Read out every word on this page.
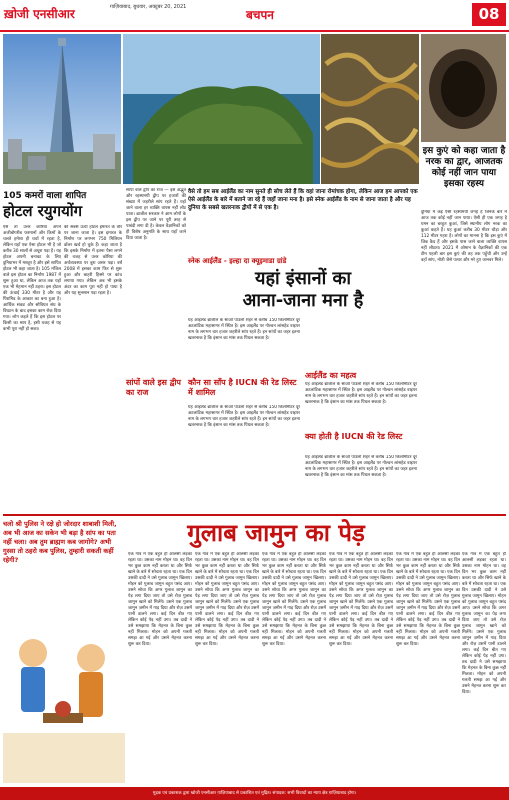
ख़ोजी एनसीआर	ग़ाज़ियाबाद, बुधवार, अक्टूबर 20, 2021
बचपन	08
105 कमरों वाला शापित
होटल रयुगयोंग
ऐसे तो उत्तर कोरिया अपने अजीबोगरीब फरमानों और किमों के चलते हमेशा ही चर्चा में रहता है, लेकिन यहाँ एक ऐसा होटल भी है जो करीब 30 सालों से अधूरा पड़ा है। यह होटल अपनी बनावट के लिए दुनियाभर में मशहूर है और इसे शापित होटल भी कहा जाता है। 105 मंजिल वाले इस होटल का निर्माण 1987 में शुरू हुआ था, लेकिन आज तक यहाँ एक भी मेहमान नहीं ठहरा। इस होटल की ऊंचाई 330 मीटर है और यह पिरामिड के आकार का बना हुआ है। आर्थिक संकट और सोवियत संघ के विघटन के बाद इसका काम रोक दिया गया। लोग कहते हैं कि इस होटल पर किसी का श्राप है, इसी वजह से यह कभी पूरा नहीं हो सका।
की सबसे ऊंची होटल इमारत के तौर पर जाना जाता है। इस इमारत के निर्माण पर लगभग 750 मिलियन डॉलर खर्च हो चुके हैं। कहा जाता है कि इसके निर्माण में इतना पैसा लगने की वजह से उत्तर कोरिया की अर्थव्यवस्था पर बुरा असर पड़ा। वर्ष 2008 में इसका काम फिर से शुरू हुआ और बाहरी हिस्से पर कांच लगाया गया। लेकिन अब भी इसके अंदर का काम पूरा नहीं हो पाया है और यह सुनसान पड़ा रहता है।
सांपों वाले द्वीप का राज — इस अद्भुत और रहस्यमयी द्वीप पर हजारों की संख्या में जहरीले सांप रहते हैं। यहाँ जाने वाला हर व्यक्ति वापस नहीं लौट पाता। ब्राजील सरकार ने आम लोगों के इस द्वीप पर जाने पर पूरी तरह से पाबंदी लगा दी है। केवल वैज्ञानिकों को ही विशेष अनुमति के साथ यहाँ जाने दिया जाता है।
सांपों वाले इस द्वीप का राज
वैसे तो हम सब आईलैंड का नाम सुनते ही सोच लेते हैं कि वहां जाना रोमांचक होगा, लेकिन आज हम आपको एक ऐसे आईलैंड के बारे में बताने जा रहे हैं जहाँ जाना मना है। इसे स्नेक आईलैंड के नाम से जाना जाता है और यह दुनिया के सबसे खतरनाक द्वीपों में से एक है।
स्नेक आईलैंड - इल्हा दा क्यूइमाडा ग्रांडे
यहां इंसानों का
आना-जाना मना है
यह आइलैंड ब्राजील के साओ पाउलो शहर से करीब 150 किलोमीटर दूर अटलांटिक महासागर में स्थित है। इस आइलैंड पर गोल्डन लांसहेड वाइपर नाम के लगभग चार हजार जहरीले सांप रहते हैं। इन सांपों का जहर इतना खतरनाक है कि इंसान का मांस तक पिघल सकता है।
कौन सा साँप है IUCN की रेड लिस्ट में शामिल
यह आइलैंड ब्राजील के साओ पाउलो शहर से करीब 150 किलोमीटर दूर अटलांटिक महासागर में स्थित है। इस आइलैंड पर गोल्डन लांसहेड वाइपर नाम के लगभग चार हजार जहरीले सांप रहते हैं। इन सांपों का जहर इतना खतरनाक है कि इंसान का मांस तक पिघल सकता है।
आईलैंड का महत्व
यह आइलैंड ब्राजील के साओ पाउलो शहर से करीब 150 किलोमीटर दूर अटलांटिक महासागर में स्थित है। इस आइलैंड पर गोल्डन लांसहेड वाइपर नाम के लगभग चार हजार जहरीले सांप रहते हैं। इन सांपों का जहर इतना खतरनाक है कि इंसान का मांस तक पिघल सकता है।
क्या होती है IUCN की रेड लिस्ट
यह आइलैंड ब्राजील के साओ पाउलो शहर से करीब 150 किलोमीटर दूर अटलांटिक महासागर में स्थित है। इस आइलैंड पर गोल्डन लांसहेड वाइपर नाम के लगभग चार हजार जहरीले सांप रहते हैं। इन सांपों का जहर इतना खतरनाक है कि इंसान का मांस तक पिघल सकता है।
इस कुएं को कहा जाता है नरक का द्वार, आजतक कोई नहीं जान पाया इसका रहस्य
दुनिया में कई ऐसी रहस्यमयी जगहें हैं जिनके बारे में आज तक कोई नहीं जान पाया। ऐसी ही एक जगह है यमन का बरहूत कुआं, जिसे स्थानीय लोग नरक का कुआं कहते हैं। यह कुआं करीब 30 मीटर चौड़ा और 112 मीटर गहरा है। लोगों का मानना है कि इस कुएं में जिन्न कैद हैं और इसके पास जाने वाला व्यक्ति वापस नहीं लौटता। 2021 में ओमान के वैज्ञानिकों की एक टीम पहली बार इस कुएं की तह तक पहुँची और उन्हें वहाँ सांप, मोती जैसे पत्थर और मरे हुए जानवर मिले।
चलो श्री पुलिस ने रक्षे हो जोरदार शाबाशी मिली, अब भी आज का सकेन भी बड़ा है सांप का पता नहीं चला। अब तुम ब्राह्मण कब जागोगे? अभी गुस्सा तो ठहरो कब पुलिस, तुम्हारी सकती कहीं रहेगी?
गुलाब जामुन का पेड़
एक गांव में एक बहुत ही आलसी लड़का रहता था। उसका नाम मोहन था। वह दिन भर कुछ काम नहीं करता था और सिर्फ खाने के बारे में सोचता रहता था। एक दिन उसकी दादी ने उसे गुलाब जामुन खिलाए। मोहन को गुलाब जामुन बहुत पसंद आए। उसने सोचा कि अगर गुलाब जामुन का पेड़ लगा दिया जाए तो उसे रोज़ गुलाब जामुन खाने को मिलेंगे। उसने एक गुलाब जामुन ज़मीन में गाड़ दिया और रोज़ उसमें पानी डालने लगा। कई दिन बीत गए लेकिन कोई पेड़ नहीं उगा। तब दादी ने उसे समझाया कि मेहनत के बिना कुछ नहीं मिलता। मोहन को अपनी गलती समझ आ गई और उसने मेहनत करना शुरू कर दिया।
एक गांव में एक बहुत ही आलसी लड़का रहता था। उसका नाम मोहन था। वह दिन भर कुछ काम नहीं करता था और सिर्फ खाने के बारे में सोचता रहता था। एक दिन उसकी दादी ने उसे गुलाब जामुन खिलाए। मोहन को गुलाब जामुन बहुत पसंद आए। उसने सोचा कि अगर गुलाब जामुन का पेड़ लगा दिया जाए तो उसे रोज़ गुलाब जामुन खाने को मिलेंगे। उसने एक गुलाब जामुन ज़मीन में गाड़ दिया और रोज़ उसमें पानी डालने लगा। कई दिन बीत गए लेकिन कोई पेड़ नहीं उगा। तब दादी ने उसे समझाया कि मेहनत के बिना कुछ नहीं मिलता। मोहन को अपनी गलती समझ आ गई और उसने मेहनत करना शुरू कर दिया।
एक गांव में एक बहुत ही आलसी लड़का रहता था। उसका नाम मोहन था। वह दिन भर कुछ काम नहीं करता था और सिर्फ खाने के बारे में सोचता रहता था। एक दिन उसकी दादी ने उसे गुलाब जामुन खिलाए। मोहन को गुलाब जामुन बहुत पसंद आए। उसने सोचा कि अगर गुलाब जामुन का पेड़ लगा दिया जाए तो उसे रोज़ गुलाब जामुन खाने को मिलेंगे। उसने एक गुलाब जामुन ज़मीन में गाड़ दिया और रोज़ उसमें पानी डालने लगा। कई दिन बीत गए लेकिन कोई पेड़ नहीं उगा। तब दादी ने उसे समझाया कि मेहनत के बिना कुछ नहीं मिलता। मोहन को अपनी गलती समझ आ गई और उसने मेहनत करना शुरू कर दिया।
एक गांव में एक बहुत ही आलसी लड़का रहता था। उसका नाम मोहन था। वह दिन भर कुछ काम नहीं करता था और सिर्फ खाने के बारे में सोचता रहता था। एक दिन उसकी दादी ने उसे गुलाब जामुन खिलाए। मोहन को गुलाब जामुन बहुत पसंद आए। उसने सोचा कि अगर गुलाब जामुन का पेड़ लगा दिया जाए तो उसे रोज़ गुलाब जामुन खाने को मिलेंगे। उसने एक गुलाब जामुन ज़मीन में गाड़ दिया और रोज़ उसमें पानी डालने लगा। कई दिन बीत गए लेकिन कोई पेड़ नहीं उगा। तब दादी ने उसे समझाया कि मेहनत के बिना कुछ नहीं मिलता। मोहन को अपनी गलती समझ आ गई और उसने मेहनत करना शुरू कर दिया।
एक गांव में एक बहुत ही आलसी लड़का रहता था। उसका नाम मोहन था। वह दिन भर कुछ काम नहीं करता था और सिर्फ खाने के बारे में सोचता रहता था। एक दिन उसकी दादी ने उसे गुलाब जामुन खिलाए। मोहन को गुलाब जामुन बहुत पसंद आए। उसने सोचा कि अगर गुलाब जामुन का पेड़ लगा दिया जाए तो उसे रोज़ गुलाब जामुन खाने को मिलेंगे। उसने एक गुलाब जामुन ज़मीन में गाड़ दिया और रोज़ उसमें पानी डालने लगा। कई दिन बीत गए लेकिन कोई पेड़ नहीं उगा। तब दादी ने उसे समझाया कि मेहनत के बिना कुछ नहीं मिलता। मोहन को अपनी गलती समझ आ गई और उसने मेहनत करना शुरू कर दिया।
एक गांव में एक बहुत ही आलसी लड़का रहता था। उसका नाम मोहन था। वह दिन भर कुछ काम नहीं करता था और सिर्फ खाने के बारे में सोचता रहता था। एक दिन उसकी दादी ने उसे गुलाब जामुन खिलाए। मोहन को गुलाब जामुन बहुत पसंद आए। उसने सोचा कि अगर गुलाब जामुन का पेड़ लगा दिया जाए तो उसे रोज़ गुलाब जामुन खाने को मिलेंगे। उसने एक गुलाब जामुन ज़मीन में गाड़ दिया और रोज़ उसमें पानी डालने लगा। कई दिन बीत गए लेकिन कोई पेड़ नहीं उगा। तब दादी ने उसे समझाया कि मेहनत के बिना कुछ नहीं मिलता। मोहन को अपनी गलती समझ आ गई और उसने मेहनत करना शुरू कर दिया।
मुद्रक एवं प्रकाशक द्वारा खोजी एनसीआर ग़ाज़ियाबाद से प्रकाशित एवं मुद्रित। संपादक: सभी विवादों का न्याय क्षेत्र ग़ाज़ियाबाद होगा।
